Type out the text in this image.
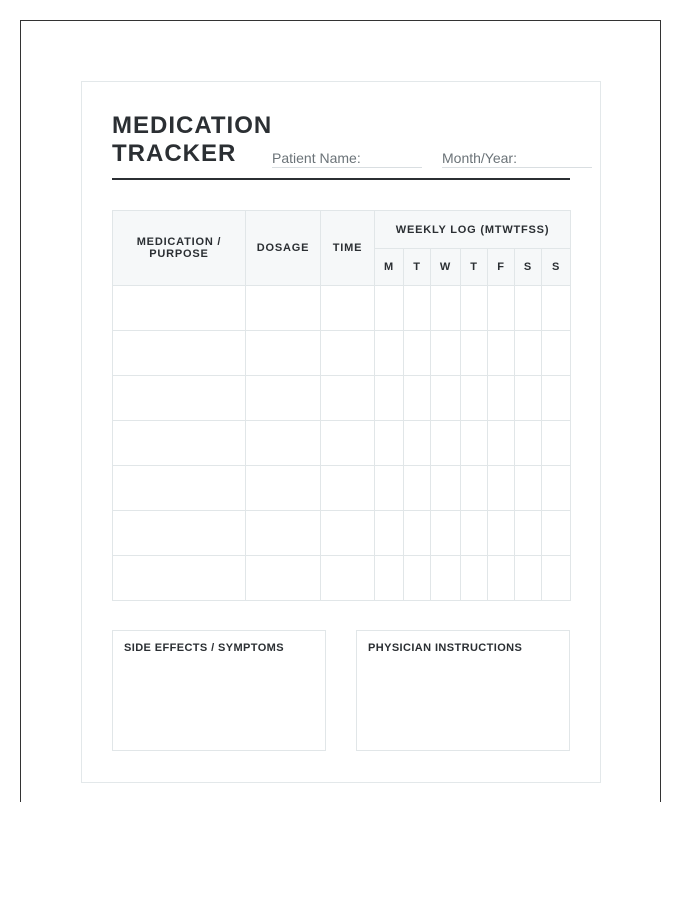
MEDICATION
TRACKER	Patient Name:	Month/Year:
MEDICATION / PURPOSE	DOSAGE	TIME	WEEKLY LOG (MTWTFSS)						
			M	T	W	T	F	S	S

SIDE EFFECTS / SYMPTOMS	PHYSICIAN INSTRUCTIONS
